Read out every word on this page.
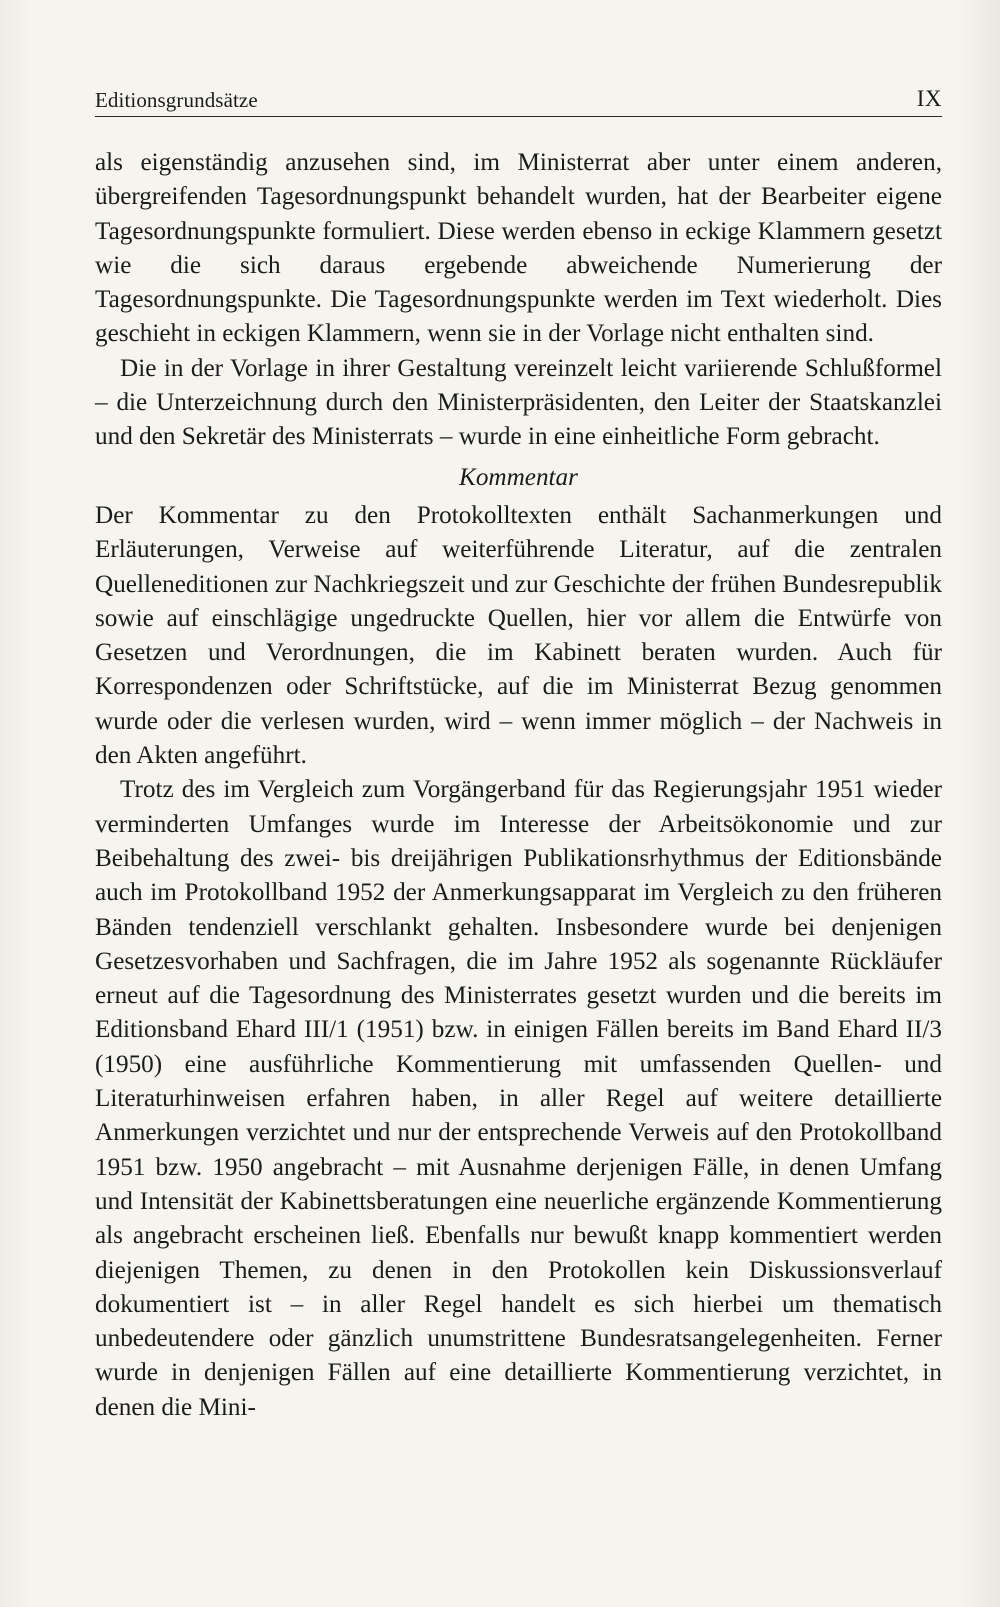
Editionsgrundsätze	IX

als eigenständig anzusehen sind, im Ministerrat aber unter einem anderen, übergreifenden Tagesordnungspunkt behandelt wurden, hat der Bearbeiter eigene Tagesordnungspunkte formuliert. Diese werden ebenso in eckige Klammern gesetzt wie die sich daraus ergebende abweichende Numerierung der Tagesordnungspunkte. Die Tagesordnungspunkte werden im Text wiederholt. Dies geschieht in eckigen Klammern, wenn sie in der Vorlage nicht enthalten sind.

Die in der Vorlage in ihrer Gestaltung vereinzelt leicht variierende Schlußformel – die Unterzeichnung durch den Ministerpräsidenten, den Leiter der Staatskanzlei und den Sekretär des Ministerrats – wurde in eine einheitliche Form gebracht.

Kommentar

Der Kommentar zu den Protokolltexten enthält Sachanmerkungen und Erläuterungen, Verweise auf weiterführende Literatur, auf die zentralen Quelleneditionen zur Nachkriegszeit und zur Geschichte der frühen Bundesrepublik sowie auf einschlägige ungedruckte Quellen, hier vor allem die Entwürfe von Gesetzen und Verordnungen, die im Kabinett beraten wurden. Auch für Korrespondenzen oder Schriftstücke, auf die im Ministerrat Bezug genommen wurde oder die verlesen wurden, wird – wenn immer möglich – der Nachweis in den Akten angeführt.

Trotz des im Vergleich zum Vorgängerband für das Regierungsjahr 1951 wieder verminderten Umfanges wurde im Interesse der Arbeitsökonomie und zur Beibehaltung des zwei- bis dreijährigen Publikationsrhythmus der Editionsbände auch im Protokollband 1952 der Anmerkungsapparat im Vergleich zu den früheren Bänden tendenziell verschlankt gehalten. Insbesondere wurde bei denjenigen Gesetzesvorhaben und Sachfragen, die im Jahre 1952 als sogenannte Rückläufer erneut auf die Tagesordnung des Ministerrates gesetzt wurden und die bereits im Editionsband Ehard III/1 (1951) bzw. in einigen Fällen bereits im Band Ehard II/3 (1950) eine ausführliche Kommentierung mit umfassenden Quellen- und Literaturhinweisen erfahren haben, in aller Regel auf weitere detaillierte Anmerkungen verzichtet und nur der entsprechende Verweis auf den Protokollband 1951 bzw. 1950 angebracht – mit Ausnahme derjenigen Fälle, in denen Umfang und Intensität der Kabinettsberatungen eine neuerliche ergänzende Kommentierung als angebracht erscheinen ließ. Ebenfalls nur bewußt knapp kommentiert werden diejenigen Themen, zu denen in den Protokollen kein Diskussionsverlauf dokumentiert ist – in aller Regel handelt es sich hierbei um thematisch unbedeutendere oder gänzlich unumstrittene Bundesratsangelegenheiten. Ferner wurde in denjenigen Fällen auf eine detaillierte Kommentierung verzichtet, in denen die Mini-
